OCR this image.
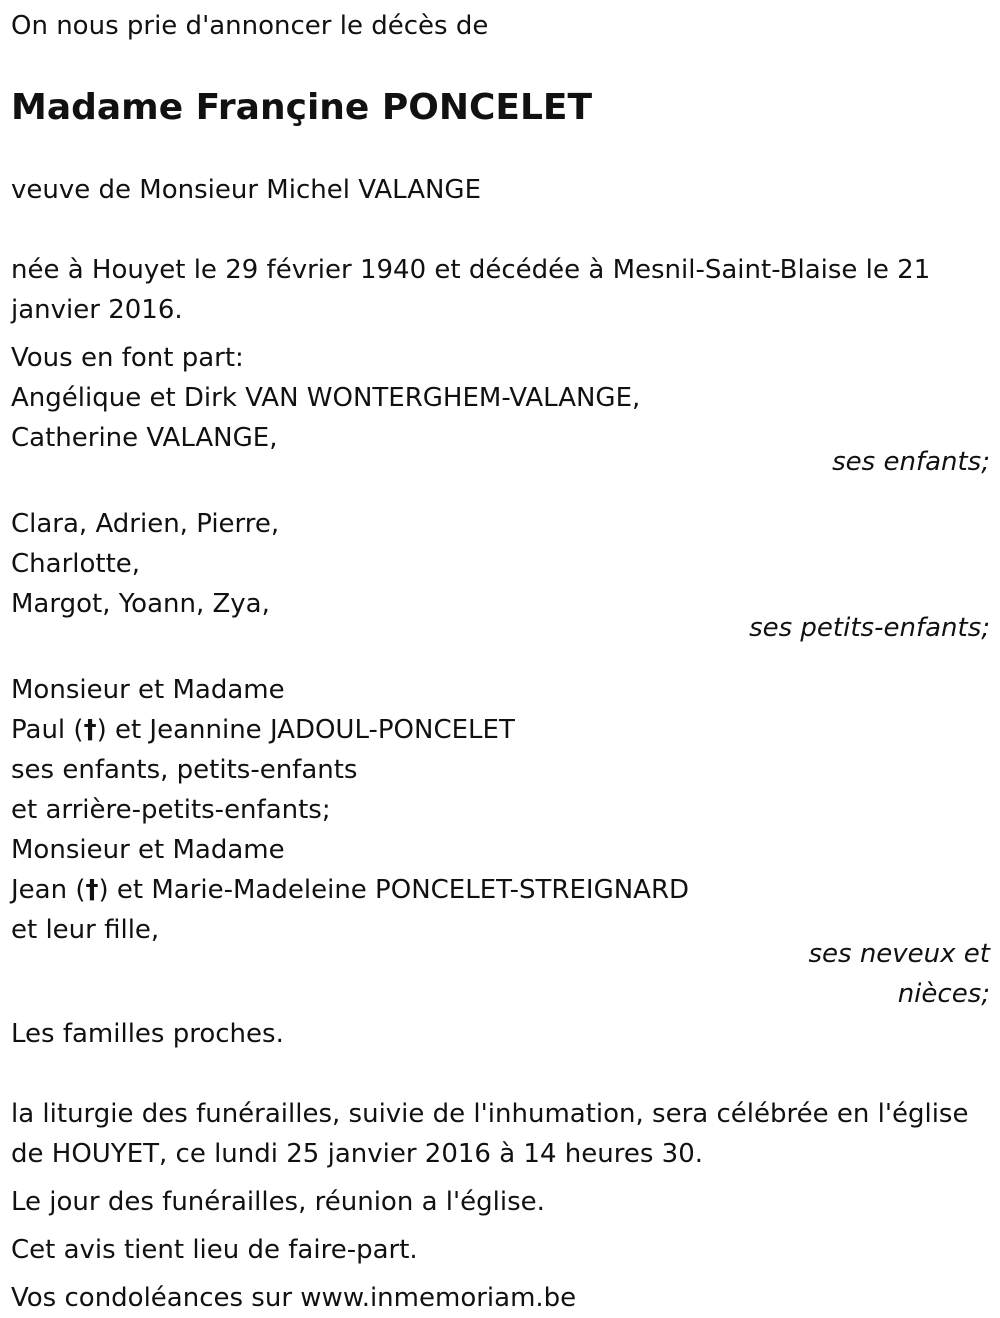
On nous prie d'annoncer le décès de
Madame Françine PONCELET
veuve de Monsieur Michel VALANGE
née à Houyet le 29 février 1940 et décédée à Mesnil-Saint-Blaise le 21 janvier 2016.
Vous en font part:
Angélique et Dirk VAN WONTERGHEM-VALANGE,
Catherine VALANGE,
ses enfants;
Clara, Adrien, Pierre,
Charlotte,
Margot, Yoann, Zya,
ses petits-enfants;
Monsieur et Madame
Paul (†) et Jeannine JADOUL-PONCELET
ses enfants, petits-enfants
et arrière-petits-enfants;
Monsieur et Madame
Jean (†) et Marie-Madeleine PONCELET-STREIGNARD
et leur fille,
ses neveux et nièces;
Les familles proches.
la liturgie des funérailles, suivie de l'inhumation, sera célébrée en l'église de HOUYET, ce lundi 25 janvier 2016 à 14 heures 30.
Le jour des funérailles, réunion a l'église.
Cet avis tient lieu de faire-part.
Vos condoléances sur www.inmemoriam.be
